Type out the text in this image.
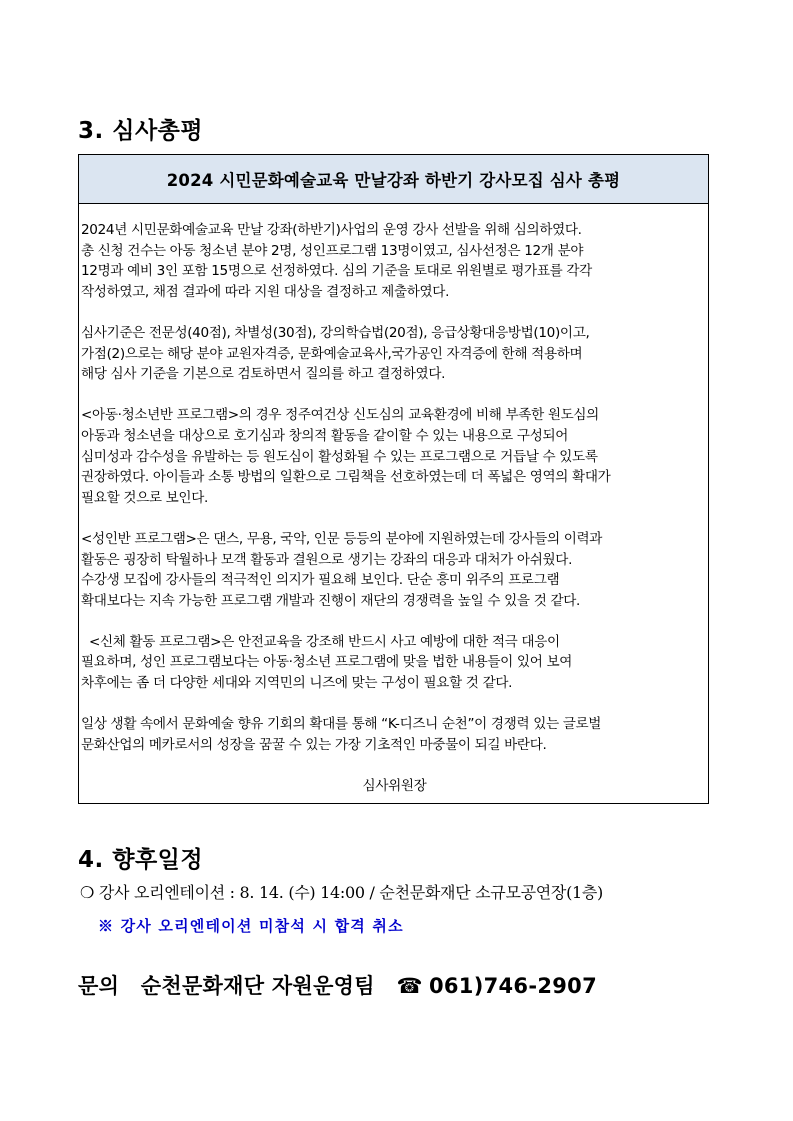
3. 심사총평
2024 시민문화예술교육 만날강좌 하반기 강사모집 심사 총평

2024년 시민문화예술교육 만날 강좌(하반기)사업의 운영 강사 선발을 위해 심의하였다.
총 신청 건수는 아동 청소년 분야 2명, 성인프로그램 13명이였고, 심사선정은 12개 분야
12명과 예비 3인 포함 15명으로 선정하였다. 심의 기준을 토대로 위원별로 평가표를 각각
작성하였고, 채점 결과에 따라 지원 대상을 결정하고 제출하였다.

심사기준은 전문성(40점), 차별성(30점), 강의학습법(20점), 응급상황대응방법(10)이고,
가점(2)으로는 해당 분야 교원자격증, 문화예술교육사,국가공인 자격증에 한해 적용하며
해당 심사 기준을 기본으로 검토하면서 질의를 하고 결정하였다.

<아동·청소년반 프로그램>의 경우 정주여건상 신도심의 교육환경에 비해 부족한 원도심의
아동과 청소년을 대상으로 호기심과 창의적 활동을 같이할 수 있는 내용으로 구성되어
심미성과 감수성을 유발하는 등 원도심이 활성화될 수 있는 프로그램으로 거듭날 수 있도록
권장하였다. 아이들과 소통 방법의 일환으로 그림책을 선호하였는데 더 폭넓은 영역의 확대가
필요할 것으로 보인다.

<성인반 프로그램>은 댄스, 무용, 국악, 인문 등등의 분야에 지원하였는데 강사들의 이력과
활동은 굉장히 탁월하나 모객 활동과 결원으로 생기는 강좌의 대응과 대처가 아쉬웠다.
수강생 모집에 강사들의 적극적인 의지가 필요해 보인다. 단순 흥미 위주의 프로그램
확대보다는 지속 가능한 프로그램 개발과 진행이 재단의 경쟁력을 높일 수 있을 것 같다.

<신체 활동 프로그램>은 안전교육을 강조해 반드시 사고 예방에 대한 적극 대응이
필요하며, 성인 프로그램보다는 아동·청소년 프로그램에 맞을 법한 내용들이 있어 보여
차후에는 좀 더 다양한 세대와 지역민의 니즈에 맞는 구성이 필요할 것 같다.

일상 생활 속에서 문화예술 향유 기회의 확대를 통해 “K-디즈니 순천”이 경쟁력 있는 글로벌
문화산업의 메카로서의 성장을 꿈꿀 수 있는 가장 기초적인 마중물이 되길 바란다.

심사위원장
4. 향후일정
❍ 강사 오리엔테이션 : 8. 14. (수) 14:00 / 순천문화재단 소규모공연장(1층)
※ 강사 오리엔테이션 미참석 시 합격 취소
문의 순천문화재단 자원운영팀 ☎ 061)746-2907
